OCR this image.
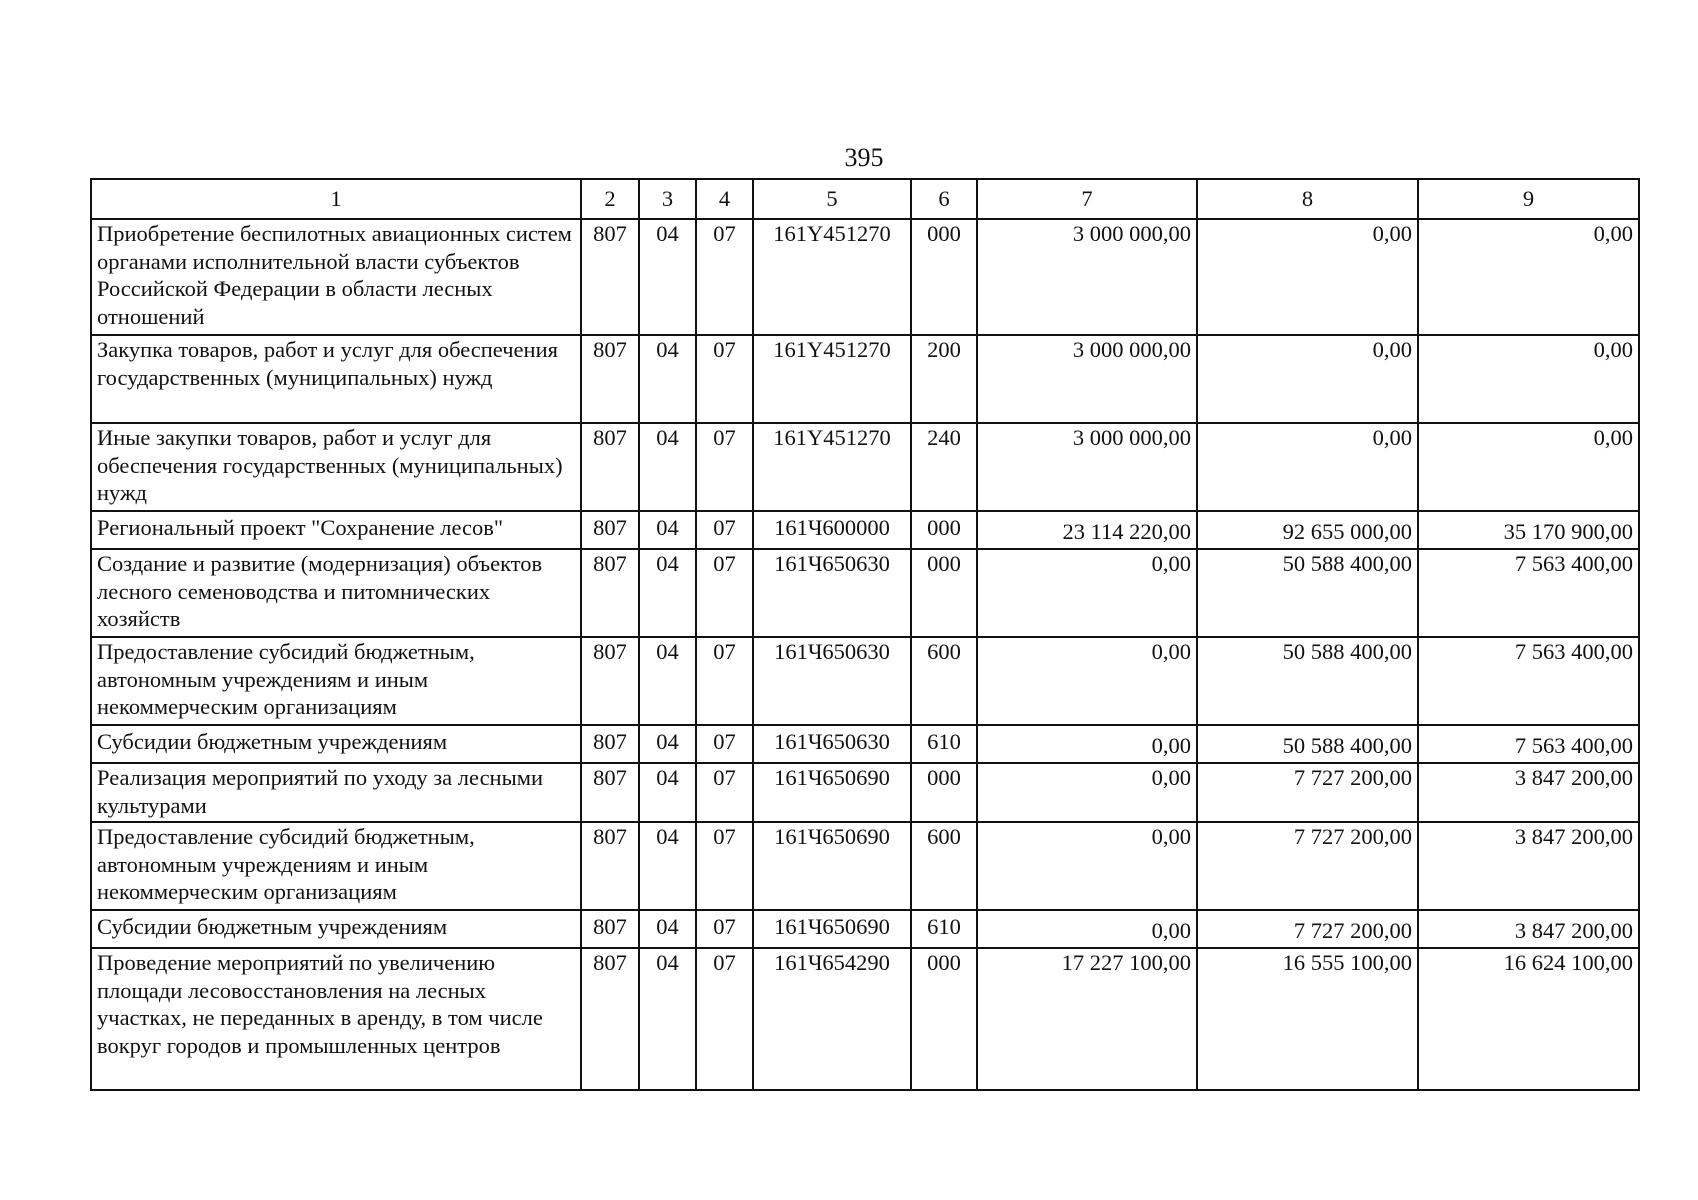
395
1	2	3	4	5	6	7	8	9
Приобретение беспилотных авиационных систем органами исполнительной власти субъектов Российской Федерации в области лесных отношений	807	04	07	161Y451270	000	3 000 000,00	0,00	0,00
Закупка товаров, работ и услуг для обеспечения государственных (муниципальных) нужд	807	04	07	161Y451270	200	3 000 000,00	0,00	0,00
Иные закупки товаров, работ и услуг для обеспечения государственных (муниципальных) нужд	807	04	07	161Y451270	240	3 000 000,00	0,00	0,00
Региональный проект "Сохранение лесов"	807	04	07	161Ч600000	000	23 114 220,00	92 655 000,00	35 170 900,00
Создание и развитие (модернизация) объектов лесного семеноводства и питомнических хозяйств	807	04	07	161Ч650630	000	0,00	50 588 400,00	7 563 400,00
Предоставление субсидий бюджетным, автономным учреждениям и иным некоммерческим организациям	807	04	07	161Ч650630	600	0,00	50 588 400,00	7 563 400,00
Субсидии бюджетным учреждениям	807	04	07	161Ч650630	610	0,00	50 588 400,00	7 563 400,00
Реализация мероприятий по уходу за лесными культурами	807	04	07	161Ч650690	000	0,00	7 727 200,00	3 847 200,00
Предоставление субсидий бюджетным, автономным учреждениям и иным некоммерческим организациям	807	04	07	161Ч650690	600	0,00	7 727 200,00	3 847 200,00
Субсидии бюджетным учреждениям	807	04	07	161Ч650690	610	0,00	7 727 200,00	3 847 200,00
Проведение мероприятий по увеличению площади лесовосстановления на лесных участках, не переданных в аренду, в том числе вокруг городов и промышленных центров	807	04	07	161Ч654290	000	17 227 100,00	16 555 100,00	16 624 100,00
